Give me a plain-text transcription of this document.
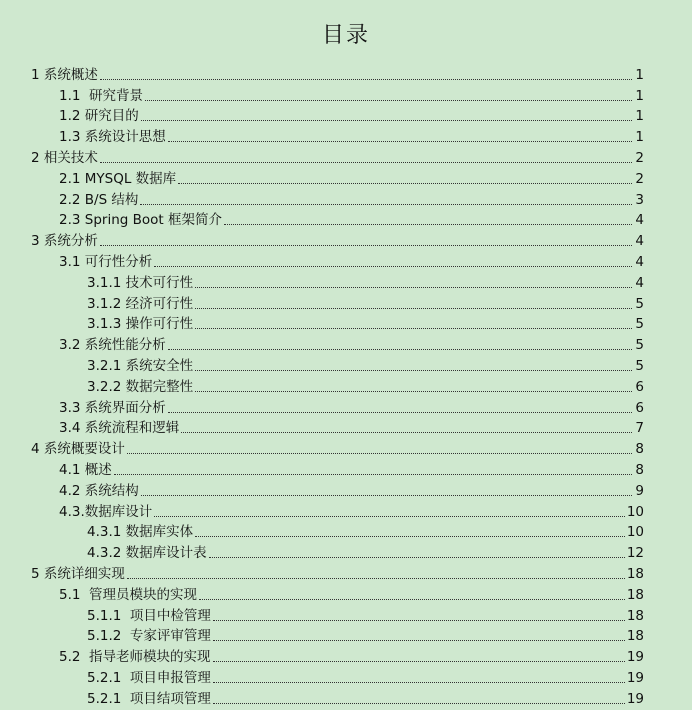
目录
1 系统概述	1
1.1  研究背景	1
1.2 研究目的	1
1.3 系统设计思想	1
2 相关技术	2
2.1 MYSQL 数据库	2
2.2 B/S 结构	3
2.3 Spring Boot 框架简介	4
3 系统分析	4
3.1 可行性分析	4
3.1.1 技术可行性	4
3.1.2 经济可行性	5
3.1.3 操作可行性	5
3.2 系统性能分析	5
3.2.1 系统安全性	5
3.2.2 数据完整性	6
3.3 系统界面分析	6
3.4 系统流程和逻辑	7
4 系统概要设计	8
4.1 概述	8
4.2 系统结构	9
4.3.数据库设计	10
4.3.1 数据库实体	10
4.3.2 数据库设计表	12
5 系统详细实现	18
5.1  管理员模块的实现	18
5.1.1  项目中检管理	18
5.1.2  专家评审管理	18
5.2  指导老师模块的实现	19
5.2.1  项目申报管理	19
5.2.1  项目结项管理	19
